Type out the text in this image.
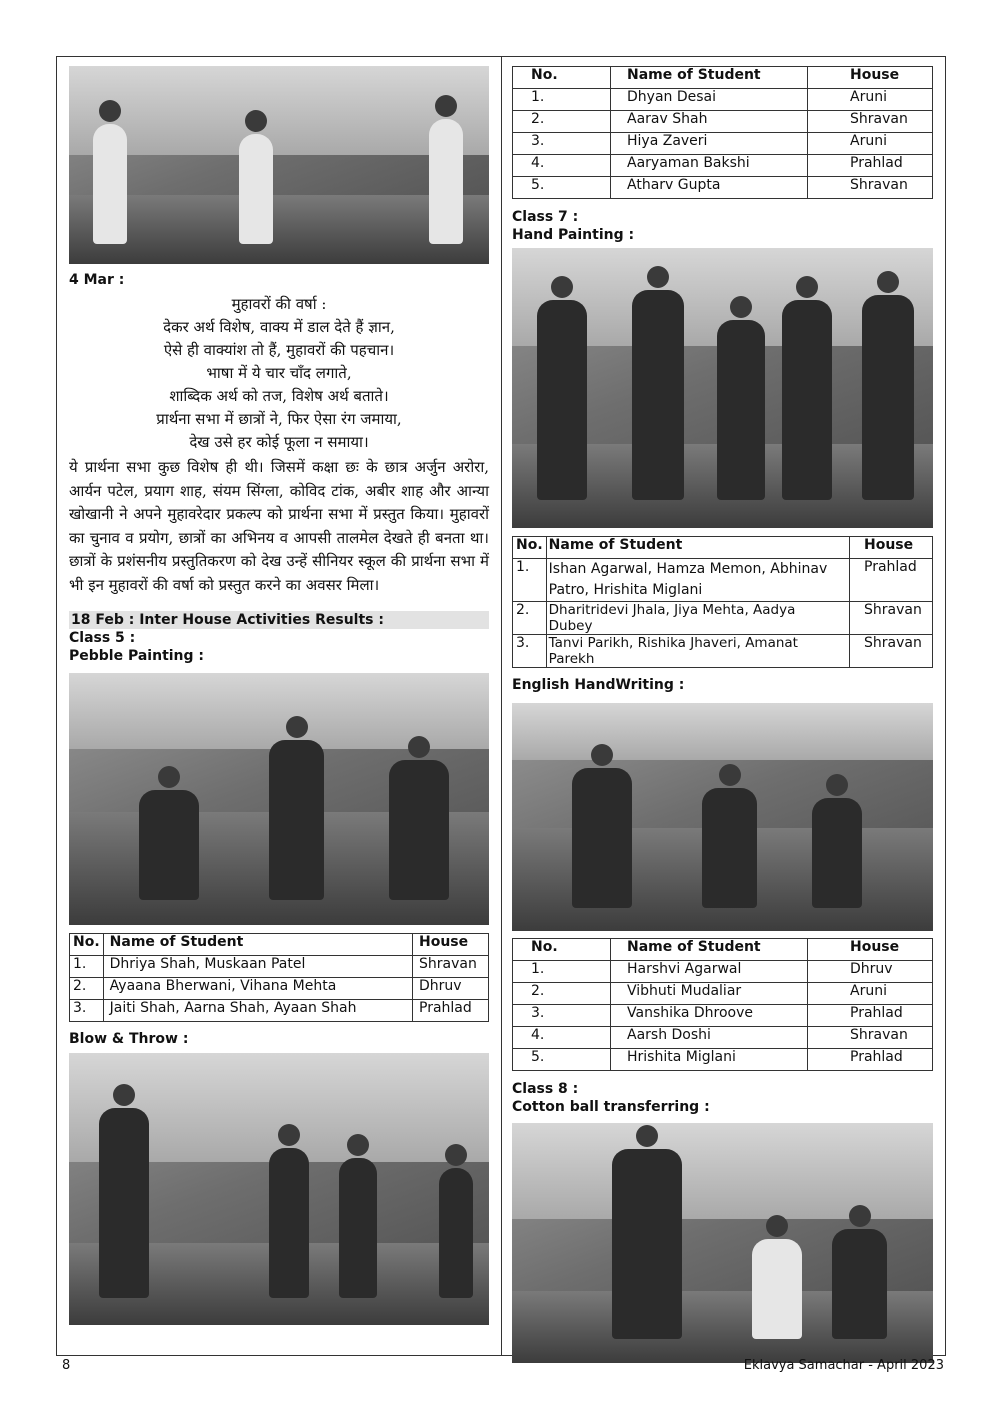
4 Mar :
मुहावरों की वर्षा :
देकर अर्थ विशेष, वाक्य में डाल देते हैं ज्ञान,
ऐसे ही वाक्यांश तो हैं, मुहावरों की पहचान।
भाषा में ये चार चाँद लगाते,
शाब्दिक अर्थ को तज, विशेष अर्थ बताते।
प्रार्थना सभा में छात्रों ने, फिर ऐसा रंग जमाया,
देख उसे हर कोई फूला न समाया।
ये प्रार्थना सभा कुछ विशेष ही थी। जिसमें कक्षा छः के छात्र अर्जुन अरोरा, आर्यन पटेल, प्रयाग शाह, संयम सिंग्ला, कोविद टांक, अबीर शाह और आन्या खोखानी ने अपने मुहावरेदार प्रकल्प को प्रार्थना सभा में प्रस्तुत किया। मुहावरों का चुनाव व प्रयोग, छात्रों का अभिनय व आपसी तालमेल देखते ही बनता था। छात्रों के प्रशंसनीय प्रस्तुतिकरण को देख उन्हें सीनियर स्कूल की प्रार्थना सभा में भी इन मुहावरों की वर्षा को प्रस्तुत करने का अवसर मिला।
18 Feb : Inter House Activities Results :
Class 5 :
Pebble Painting :
No.	Name of Student	House
1.	Dhriya Shah, Muskaan Patel	Shravan
2.	Ayaana Bherwani, Vihana Mehta	Dhruv
3.	Jaiti Shah, Aarna Shah, Ayaan Shah	Prahlad
Blow & Throw :
No.	Name of Student	House
1.	Dhyan Desai	Aruni
2.	Aarav Shah	Shravan
3.	Hiya Zaveri	Aruni
4.	Aaryaman Bakshi	Prahlad
5.	Atharv Gupta	Shravan
Class 7 :
Hand Painting :
No.	Name of Student	House
1.	Ishan Agarwal, Hamza Memon, Abhinav Patro, Hrishita Miglani	Prahlad
2.	Dharitridevi Jhala, Jiya Mehta, Aadya Dubey	Shravan
3.	Tanvi Parikh, Rishika Jhaveri, Amanat Parekh	Shravan
English HandWriting :
No.	Name of Student	House
1.	Harshvi Agarwal	Dhruv
2.	Vibhuti Mudaliar	Aruni
3.	Vanshika Dhroove	Prahlad
4.	Aarsh Doshi	Shravan
5.	Hrishita Miglani	Prahlad
Class 8 :
Cotton ball transferring :
8	Eklavya Samachar - April 2023
